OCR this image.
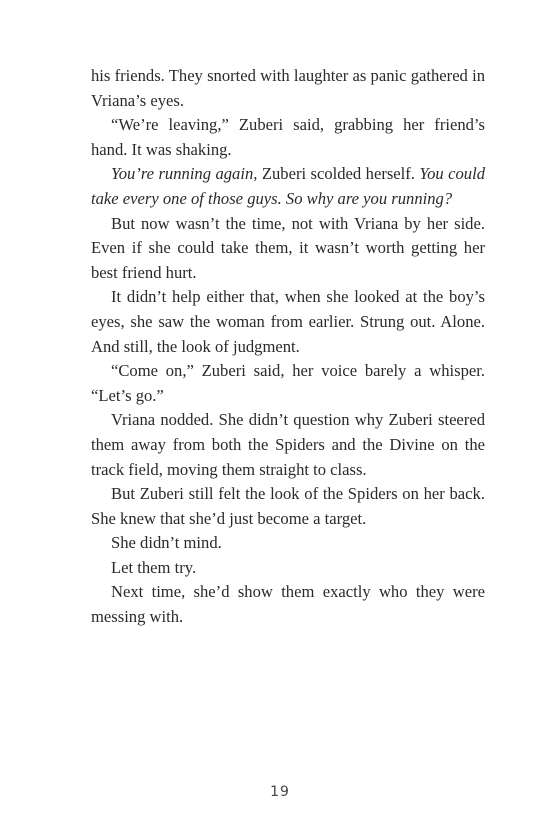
his friends. They snorted with laughter as panic gathered in Vriana’s eyes.

“We’re leaving,” Zuberi said, grabbing her friend’s hand. It was shaking.

You’re running again, Zuberi scolded herself. You could take every one of those guys. So why are you running?

But now wasn’t the time, not with Vriana by her side. Even if she could take them, it wasn’t worth getting her best friend hurt.

It didn’t help either that, when she looked at the boy’s eyes, she saw the woman from earlier. Strung out. Alone. And still, the look of judgment.

“Come on,” Zuberi said, her voice barely a whisper. “Let’s go.”

Vriana nodded. She didn’t question why Zuberi steered them away from both the Spiders and the Divine on the track field, moving them straight to class.

But Zuberi still felt the look of the Spiders on her back. She knew that she’d just become a target.

She didn’t mind.

Let them try.

Next time, she’d show them exactly who they were messing with.

19
